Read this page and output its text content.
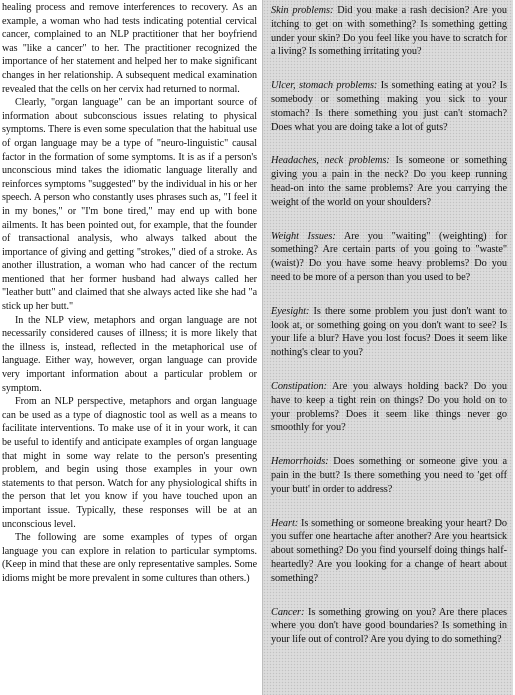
healing process and remove interferences to recovery. As an example, a woman who had tests indicating potential cervical cancer, complained to an NLP practitioner that her boyfriend was "like a cancer" to her. The practitioner recognized the importance of her statement and helped her to make significant changes in her relationship. A subsequent medical examination revealed that the cells on her cervix had returned to normal.

Clearly, "organ language" can be an important source of information about subconscious issues relating to physical symptoms. There is even some speculation that the habitual use of organ language may be a type of "neuro-linguistic" causal factor in the formation of some symptoms. It is as if a person's unconscious mind takes the idiomatic language literally and reinforces symptoms "suggested" by the individual in his or her speech. A person who constantly uses phrases such as, "I feel it in my bones," or "I'm bone tired," may end up with bone ailments. It has been pointed out, for example, that the founder of transactional analysis, who always talked about the importance of giving and getting "strokes," died of a stroke. As another illustration, a woman who had cancer of the rectum mentioned that her former husband had always called her "leather butt" and claimed that she always acted like she had "a stick up her butt."

In the NLP view, metaphors and organ language are not necessarily considered causes of illness; it is more likely that the illness is, instead, reflected in the metaphorical use of language. Either way, however, organ language can provide very important information about a particular problem or symptom.

From an NLP perspective, metaphors and organ language can be used as a type of diagnostic tool as well as a means to facilitate interventions. To make use of it in your work, it can be useful to identify and anticipate examples of organ language that might in some way relate to the person's presenting problem, and begin using those examples in your own statements to that person. Watch for any physiological shifts in the person that let you know if you have touched upon an important issue. Typically, these responses will be at an unconscious level.

The following are some examples of types of organ language you can explore in relation to particular symptoms. (Keep in mind that these are only representative samples. Some idioms might be more prevalent in some cultures than others.)

Skin problems: Did you make a rash decision? Are you itching to get on with something? Is something getting under your skin? Do you feel like you have to scratch for a living? Is something irritating you?
Ulcer, stomach problems: Is something eating at you? Is somebody or something making you sick to your stomach? Is there something you just can't stomach? Does what you are doing take a lot of guts?
Headaches, neck problems: Is someone or something giving you a pain in the neck? Do you keep running head-on into the same problems? Are you carrying the weight of the world on your shoulders?
Weight Issues: Are you "waiting" (weighting) for something? Are certain parts of you going to "waste" (waist)? Do you have some heavy problems? Do you need to be more of a person than you used to be?
Eyesight: Is there some problem you just don't want to look at, or something going on you don't want to see? Is your life a blur? Have you lost focus? Does it seem like nothing's clear to you?
Constipation: Are you always holding back? Do you have to keep a tight rein on things? Do you hold on to your problems? Does it seem like things never go smoothly for you?
Hemorrhoids: Does something or someone give you a pain in the butt? Is there something you need to 'get off your butt' in order to address?
Heart: Is something or someone breaking your heart? Do you suffer one heartache after another? Are you heartsick about something? Do you find yourself doing things half-heartedly? Are you looking for a change of heart about something?
Cancer: Is something growing on you? Are there places where you don't have good boundaries? Is something in your life out of control? Are you dying to do something?
